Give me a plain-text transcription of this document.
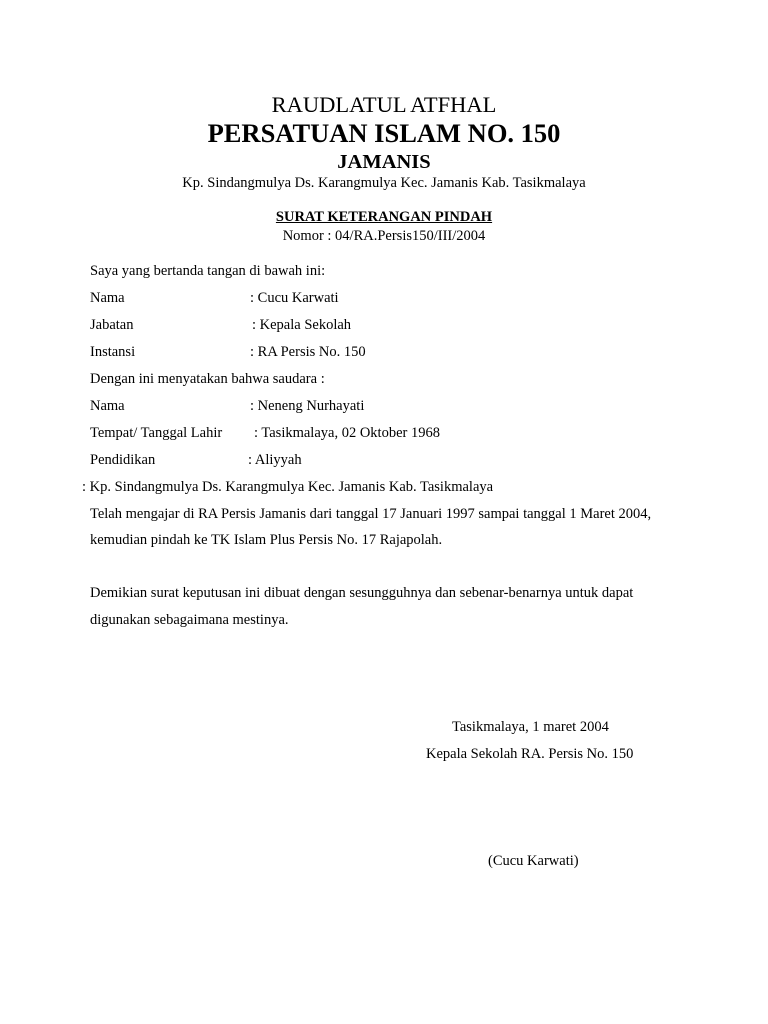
RAUDLATUL ATFHAL
PERSATUAN ISLAM NO. 150
JAMANIS
Kp. Sindangmulya Ds. Karangmulya Kec. Jamanis Kab. Tasikmalaya
SURAT KETERANGAN PINDAH
Nomor : 04/RA.Persis150/III/2004
Saya yang bertanda tangan di bawah ini:
Nama	: Cucu Karwati
Jabatan	: Kepala Sekolah
Instansi	: RA Persis No. 150
Dengan ini menyatakan bahwa saudara :
Nama	: Neneng Nurhayati
Tempat/ Tanggal Lahir : Tasikmalaya, 02 Oktober 1968
Pendidikan	: Aliyyah
: Kp. Sindangmulya Ds. Karangmulya Kec. Jamanis Kab. Tasikmalaya
Telah mengajar di RA Persis Jamanis dari tanggal 17 Januari 1997 sampai tanggal 1 Maret 2004,
kemudian pindah ke TK Islam Plus Persis No. 17 Rajapolah.
Demikian surat keputusan ini dibuat dengan sesungguhnya dan sebenar-benarnya untuk dapat
digunakan sebagaimana mestinya.
Tasikmalaya, 1 maret 2004
Kepala Sekolah RA. Persis No. 150
(Cucu Karwati)
